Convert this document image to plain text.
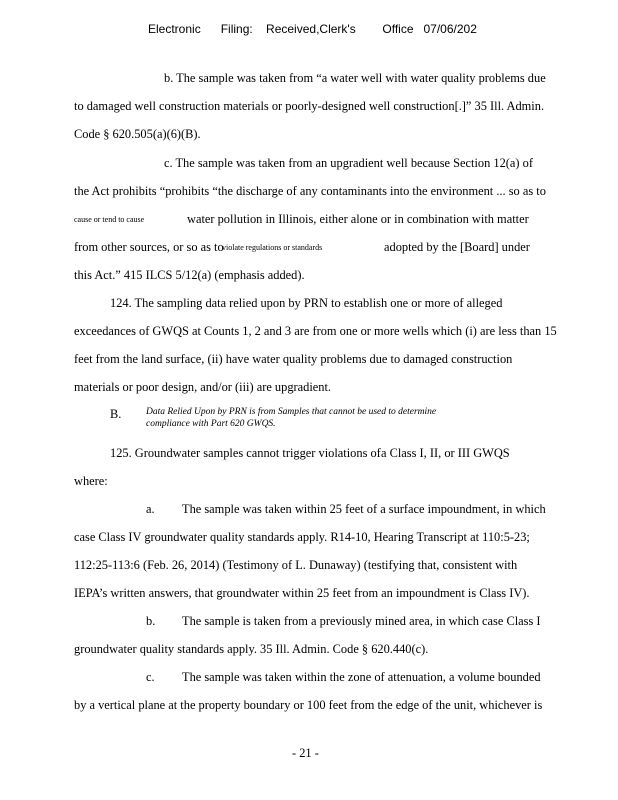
Electronic      Filing:    Received,Clerk's        Office   07/06/202
b. The sample was taken from “a water well with water quality problems due
to damaged well construction materials or poorly-designed well construction[.]” 35 Ill. Admin.
Code § 620.505(a)(6)(B).
c. The sample was taken from an upgradient well because Section 12(a) of
the Act prohibits “prohibits “the discharge of any contaminants into the environment ... so as to
cause or tend to cause	water pollution in Illinois, either alone or in combination with matter
from other sources, or so as to
violate regulations or standards	adopted by the [Board] under
this Act.” 415 ILCS 5/12(a) (emphasis added).
124. The sampling data relied upon by PRN to establish one or more of alleged
exceedances of GWQS at Counts 1, 2 and 3 are from one or more wells which (i) are less than 15
feet from the land surface, (ii) have water quality problems due to damaged construction
materials or poor design, and/or (iii) are upgradient.
B.	Data Relied Upon by PRN is from Samples that cannot be used to determine
compliance with Part 620 GWQS.
125. Groundwater samples cannot trigger violations of a Class I, II, or III GWQS
where:
a. The sample was taken within 25 feet of a surface impoundment, in which
case Class IV groundwater quality standards apply. R14-10, Hearing Transcript at 110:5-23;
112:25-113:6 (Feb. 26, 2014) (Testimony of L. Dunaway) (testifying that, consistent with
IEPA’s written answers, that groundwater within 25 feet from an impoundment is Class IV).
b. The sample is taken from a previously mined area, in which case Class I
groundwater quality standards apply. 35 Ill. Admin. Code § 620.440(c).
c. The sample was taken within the zone of attenuation, a volume bounded
by a vertical plane at the property boundary or 100 feet from the edge of the unit, whichever is
- 21 -
